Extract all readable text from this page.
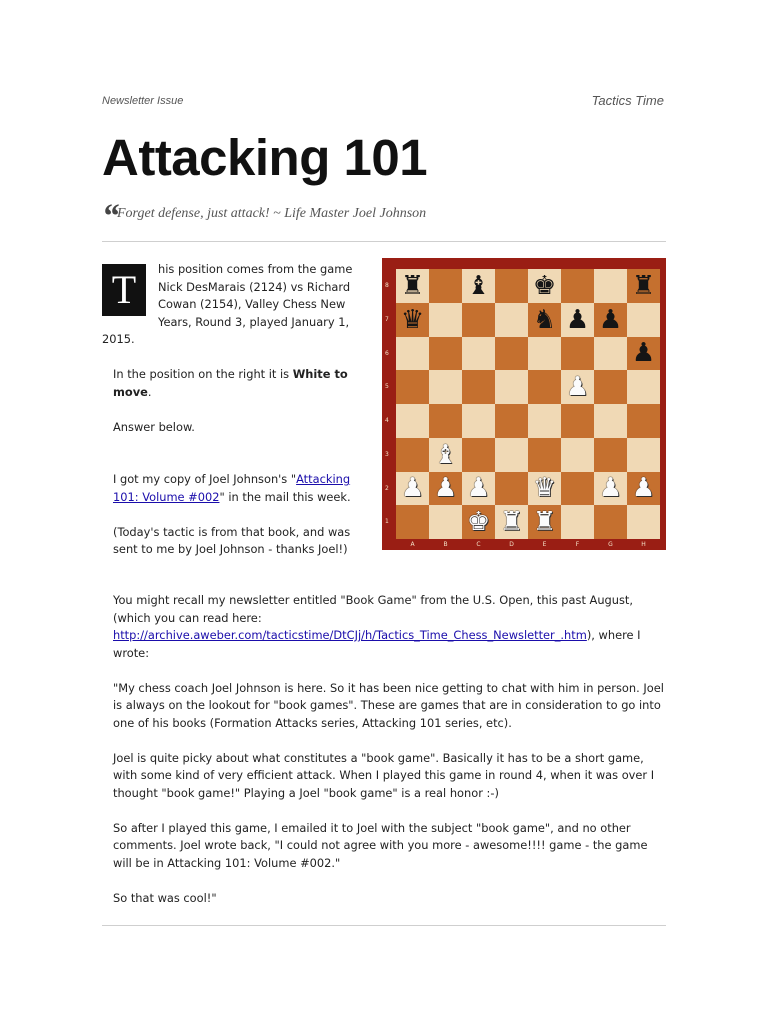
Newsletter Issue	Tactics Time
Attacking 101
“Forget defense, just attack! ~ Life Master Joel Johnson

T	his position comes from the game Nick DesMarais (2124) vs Richard Cowan (2154), Valley Chess New Years, Round 3, played January 1, 2015.

In the position on the right it is White to move.

Answer below.

I got my copy of Joel Johnson's "Attacking 101: Volume #002" in the mail this week.

(Today's tactic is from that book, and was sent to me by Joel Johnson - thanks Joel!)

8
7
6
5
4
3
2
1
♜ ♝ ♚	♜
♛	♞ ♟ ♟
♟
♟
♝
♟ ♟ ♟ ♛ ♟ ♟
♚ ♜ ♜
A	B	C	D	E	F	G	H

You might recall my newsletter entitled "Book Game" from the U.S. Open, this past August, (which you can read here: http://archive.aweber.com/tacticstime/DtCJj/h/Tactics_Time_Chess_Newsletter_.htm), where I wrote:

"My chess coach Joel Johnson is here. So it has been nice getting to chat with him in person. Joel is always on the lookout for "book games". These are games that are in consideration to go into one of his books (Formation Attacks series, Attacking 101 series, etc).

Joel is quite picky about what constitutes a "book game". Basically it has to be a short game, with some kind of very efficient attack. When I played this game in round 4, when it was over I thought "book game!" Playing a Joel "book game" is a real honor :-)

So after I played this game, I emailed it to Joel with the subject "book game", and no other comments. Joel wrote back, "I could not agree with you more - awesome!!!! game - the game will be in Attacking 101: Volume #002."

So that was cool!"
